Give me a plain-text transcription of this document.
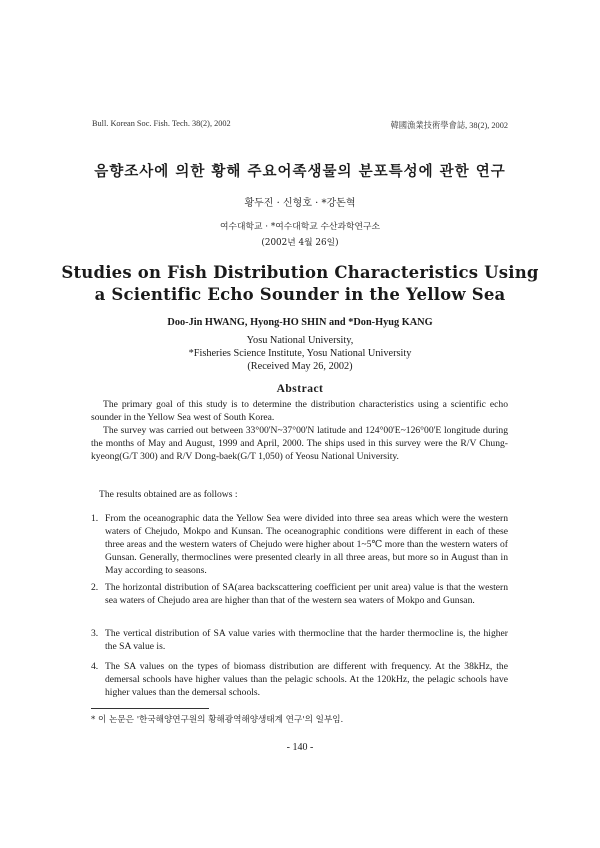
Bull. Korean Soc. Fish. Tech. 38(2), 2002	韓國漁業技術學會誌, 38(2), 2002
음향조사에 의한 황해 주요어족생물의 분포특성에 관한 연구
황두진 · 신형호 · *강돈혁
여수대학교 · *여수대학교 수산과학연구소
(2002년 4월 26일)
Studies on Fish Distribution Characteristics Using
a Scientific Echo Sounder in the Yellow Sea
Doo-Jin HWANG, Hyong-HO SHIN and *Don-Hyug KANG
Yosu National University,
*Fisheries Science Institute, Yosu National University
(Received May 26, 2002)
Abstract
The primary goal of this study is to determine the distribution characteristics using a scientific echo sounder in the Yellow Sea west of South Korea.
The survey was carried out between 33°00'N~37°00'N latitude and 124°00'E~126°00'E longitude during the months of May and August, 1999 and April, 2000. The ships used in this survey were the R/V Chung-kyeong(G/T 300) and R/V Dong-baek(G/T 1,050) of Yeosu National University.
The results obtained are as follows :
1. From the oceanographic data the Yellow Sea were divided into three sea areas which were the western waters of Chejudo, Mokpo and Kunsan. The oceanographic conditions were different in each of these three areas and the western waters of Chejudo were higher about 1~5℃ more than the western waters of Gunsan. Generally, thermoclines were presented clearly in all three areas, but more so in August than in May according to seasons.
2. The horizontal distribution of SA(area backscattering coefficient per unit area) value is that the western sea waters of Chejudo area are higher than that of the western sea waters of Mokpo and Gunsan.
3. The vertical distribution of SA value varies with thermocline that the harder thermocline is, the higher the SA value is.
4. The SA values on the types of biomass distribution are different with frequency. At the 38kHz, the demersal schools have higher values than the pelagic schools. At the 120kHz, the pelagic schools have higher values than the demersal schools.
* 이 논문은 '한국해양연구원의 황해광역해양생태계 연구'의 일부임.
- 140 -
